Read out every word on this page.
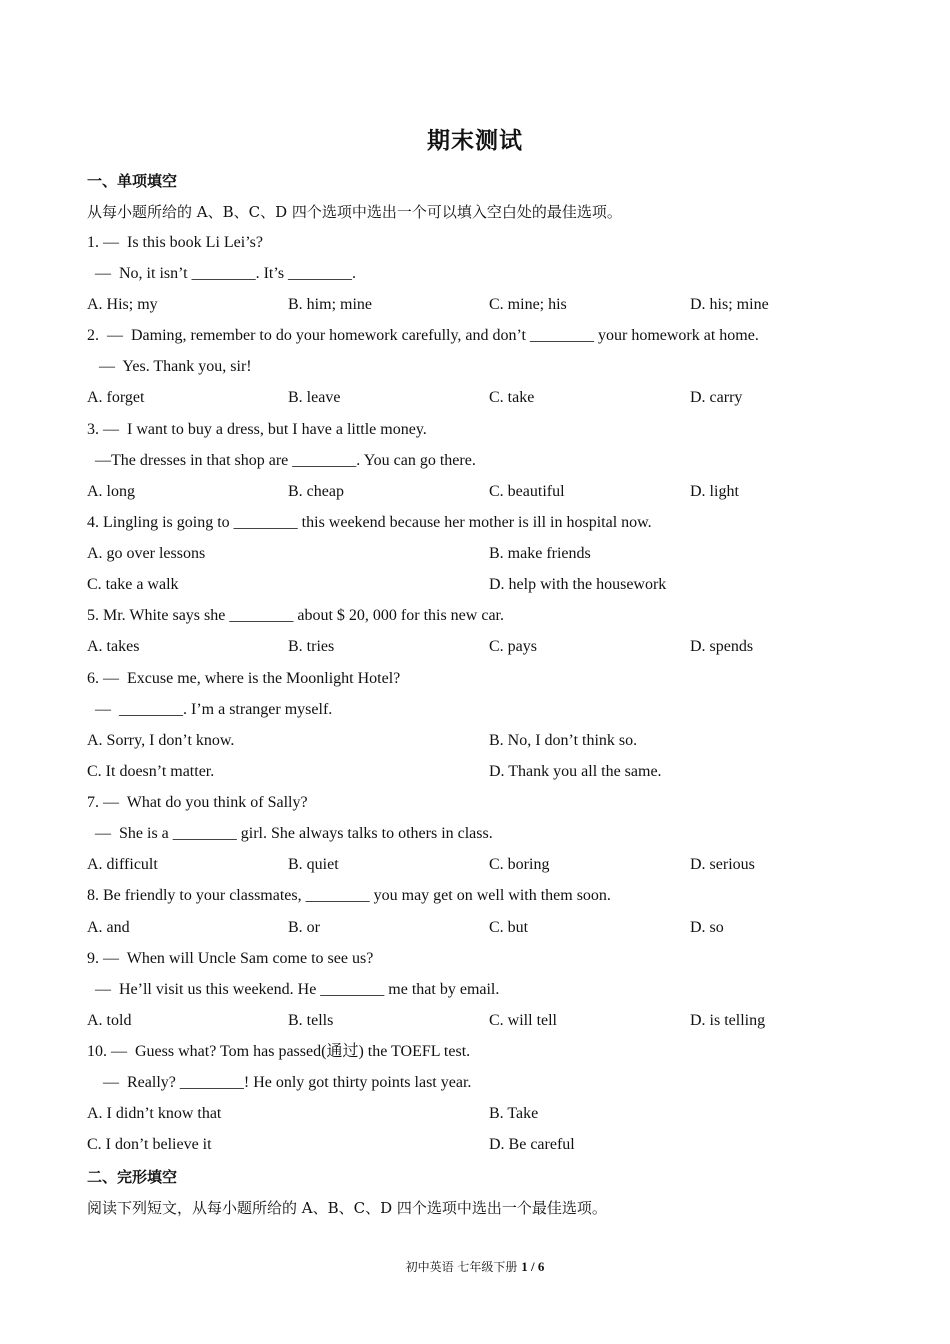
期末测试
一、单项填空
从每小题所给的 A、B、C、D 四个选项中选出一个可以填入空白处的最佳选项。
1. —  Is this book Li Lei’s?
—  No, it isn’t ________. It’s ________.
A. His; my	B. him; mine	C. mine; his	D. his; mine
2.  —  Daming, remember to do your homework carefully, and don’t ________ your homework at home.
—  Yes. Thank you, sir!
A. forget	B. leave	C. take	D. carry
3. —  I want to buy a dress, but I have a little money.
—The dresses in that shop are ________. You can go there.
A. long	B. cheap	C. beautiful	D. light
4. Lingling is going to ________ this weekend because her mother is ill in hospital now.
A. go over lessons	B. make friends
C. take a walk	D. help with the housework
5. Mr. White says she ________ about $ 20, 000 for this new car.
A. takes	B. tries	C. pays	D. spends
6. —  Excuse me, where is the Moonlight Hotel?
—  ________. I’m a stranger myself.
A. Sorry, I don’t know.	B. No, I don’t think so.
C. It doesn’t matter.	D. Thank you all the same.
7. —  What do you think of Sally?
—  She is a ________ girl. She always talks to others in class.
A. difficult	B. quiet	C. boring	D. serious
8. Be friendly to your classmates, ________ you may get on well with them soon.
A. and	B. or	C. but	D. so
9. —  When will Uncle Sam come to see us?
—  He’ll visit us this weekend. He ________ me that by email.
A. told	B. tells	C. will tell	D. is telling
10. —  Guess what? Tom has passed(通过) the TOEFL test.
—  Really? ________! He only got thirty points last year.
A. I didn’t know that	B. Take
C. I don’t believe it	D. Be careful
二、完形填空
阅读下列短文，从每小题所给的 A、B、C、D 四个选项中选出一个最佳选项。
初中英语 七年级下册 1 / 6
